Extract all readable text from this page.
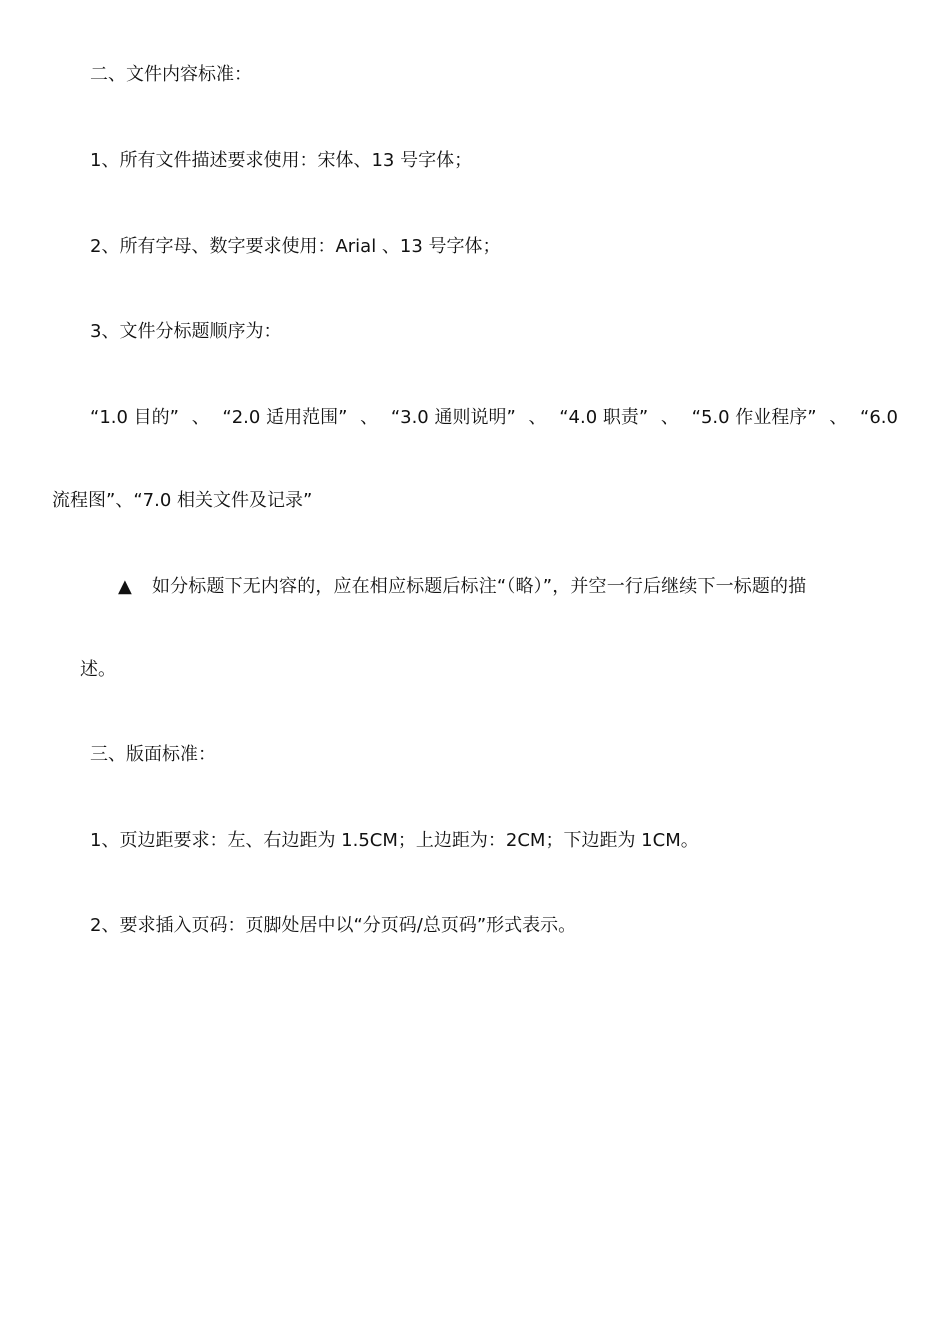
二、文件内容标准：
1、所有文件描述要求使用：宋体、13 号字体；
2、所有字母、数字要求使用：Arial 、13 号字体；
3、文件分标题顺序为：
“1.0 目的” 、 “2.0 适用范围” 、 “3.0 通则说明” 、 “4.0 职责” 、 “5.0 作业程序” 、 “6.0
流程图”、“7.0 相关文件及记录”
▲ 如分标题下无内容的，应在相应标题后标注“（略）”，并空一行后继续下一标题的描
述。
三、版面标准：
1、页边距要求：左、右边距为 1.5CM；上边距为：2CM；下边距为 1CM。
2、要求插入页码：页脚处居中以“分页码/总页码”形式表示。
